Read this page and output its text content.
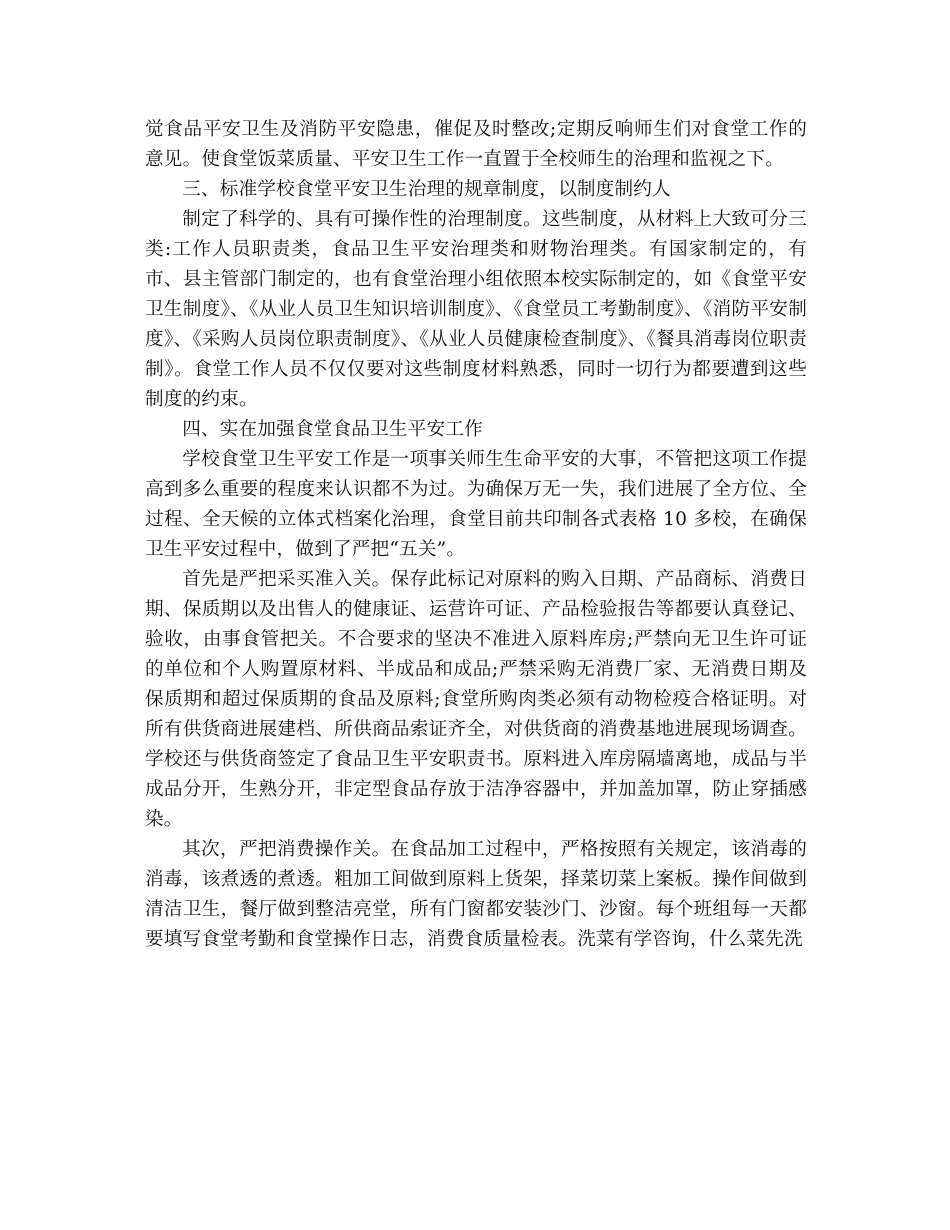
觉食品平安卫生及消防平安隐患，催促及时整改;定期反响师生们对食堂工作的意见。使食堂饭菜质量、平安卫生工作一直置于全校师生的治理和监视之下。

三、标准学校食堂平安卫生治理的规章制度，以制度制约人

制定了科学的、具有可操作性的治理制度。这些制度，从材料上大致可分三类:工作人员职责类，食品卫生平安治理类和财物治理类。有国家制定的，有市、县主管部门制定的，也有食堂治理小组依照本校实际制定的，如《食堂平安卫生制度》、《从业人员卫生知识培训制度》、《食堂员工考勤制度》、《消防平安制度》、《采购人员岗位职责制度》、《从业人员健康检查制度》、《餐具消毒岗位职责制》。食堂工作人员不仅仅要对这些制度材料熟悉，同时一切行为都要遭到这些制度的约束。

四、实在加强食堂食品卫生平安工作

学校食堂卫生平安工作是一项事关师生生命平安的大事，不管把这项工作提高到多么重要的程度来认识都不为过。为确保万无一失，我们进展了全方位、全过程、全天候的立体式档案化治理，食堂目前共印制各式表格 10 多校，在确保卫生平安过程中，做到了严把“五关”。

首先是严把采买准入关。保存此标记对原料的购入日期、产品商标、消费日期、保质期以及出售人的健康证、运营许可证、产品检验报告等都要认真登记、验收，由事食管把关。不合要求的坚决不准进入原料库房;严禁向无卫生许可证的单位和个人购置原材料、半成品和成品;严禁采购无消费厂家、无消费日期及保质期和超过保质期的食品及原料;食堂所购肉类必须有动物检疫合格证明。对所有供货商进展建档、所供商品索证齐全，对供货商的消费基地进展现场调查。学校还与供货商签定了食品卫生平安职责书。原料进入库房隔墙离地，成品与半成品分开，生熟分开，非定型食品存放于洁净容器中，并加盖加罩，防止穿插感染。

其次，严把消费操作关。在食品加工过程中，严格按照有关规定，该消毒的消毒，该煮透的煮透。粗加工间做到原料上货架，择菜切菜上案板。操作间做到清洁卫生，餐厅做到整洁亮堂，所有门窗都安装沙门、沙窗。每个班组每一天都要填写食堂考勤和食堂操作日志，消费食质量检表。洗菜有学咨询，什么菜先洗
